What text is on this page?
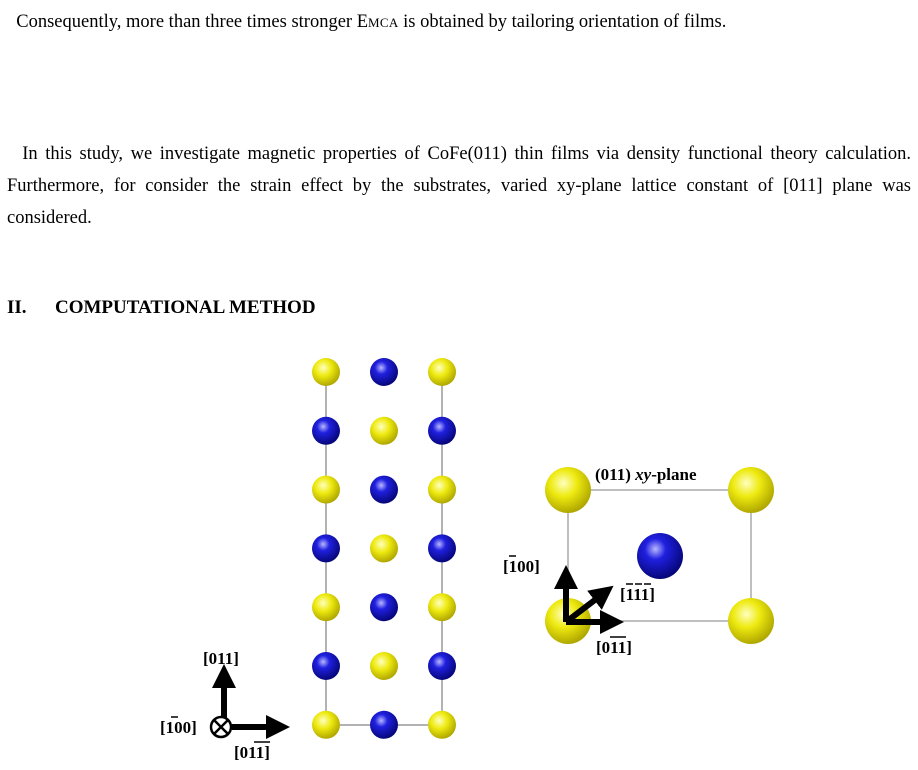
Consequently, more than three times stronger EMCA is obtained by tailoring orientation of films.

In this study, we investigate magnetic properties of CoFe(011) thin films via density functional theory calculation. Furthermore, for consider the strain effect by the substrates, varied xy-plane lattice constant of [011] plane was considered.

II. COMPUTATIONAL METHOD
[011]
[100]
[011]
(011) xy-plane
[100]
[111]
[011]
